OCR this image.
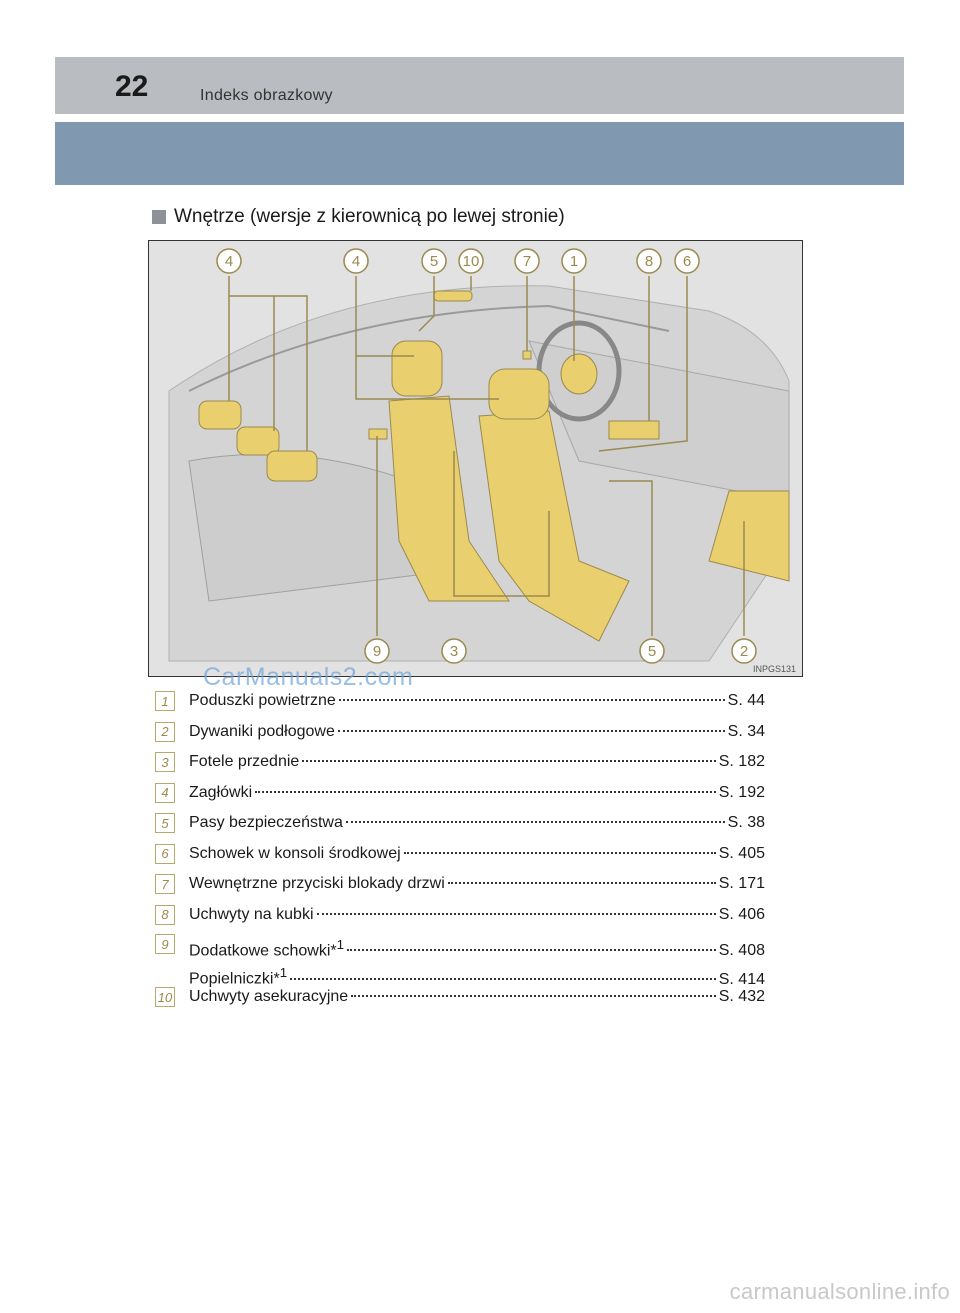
22	Indeks obrazkowy
Wnętrze (wersje z kierownicą po lewej stronie)
4	4	5 10	7	1	8 6
9	3	5	2
INPGS131
CarManuals2.com
1	Poduszki powietrzne	S. 44
2	Dywaniki podłogowe	S. 34
3	Fotele przednie	S. 182
4	Zagłówki	S. 192
5	Pasy bezpieczeństwa	S. 38
6	Schowek w konsoli środkowej	S. 405
7	Wewnętrzne przyciski blokady drzwi	S. 171
8	Uchwyty na kubki	S. 406
9	Dodatkowe schowki*$^1$	S. 408
Popielniczki*$^1$	S. 414
10 Uchwyty asekuracyjne	S. 432
carmanualsonline.info
